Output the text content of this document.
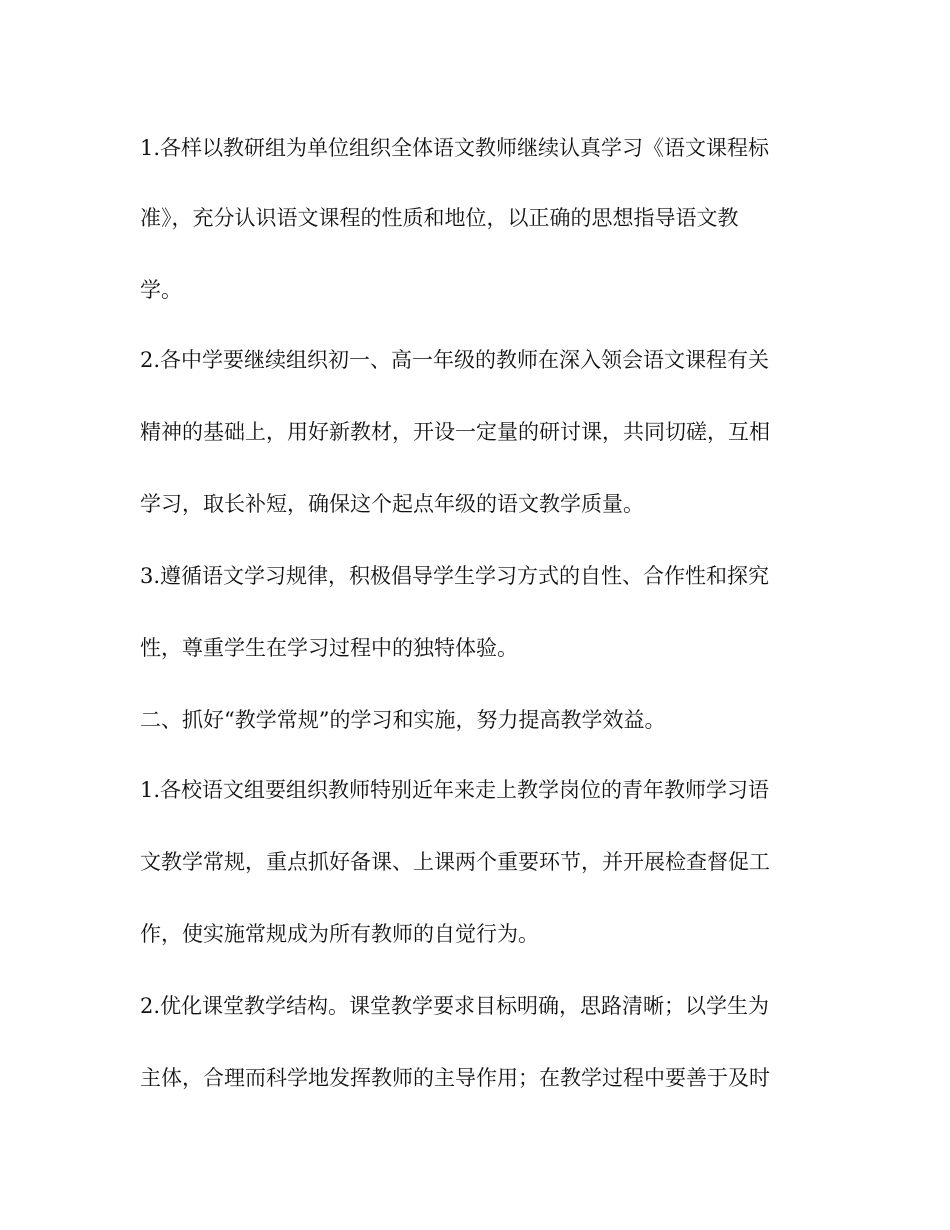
1.各样以教研组为单位组织全体语文教师继续认真学习《语文课程标

准》，充分认识语文课程的性质和地位，以正确的思想指导语文教

学。

2.各中学要继续组织初一、高一年级的教师在深入领会语文课程有关

精神的基础上，用好新教材，开设一定量的研讨课，共同切磋，互相

学习，取长补短，确保这个起点年级的语文教学质量。

3.遵循语文学习规律，积极倡导学生学习方式的自性、合作性和探究

性，尊重学生在学习过程中的独特体验。

二、抓好“教学常规”的学习和实施，努力提高教学效益。

1.各校语文组要组织教师特别近年来走上教学岗位的青年教师学习语

文教学常规，重点抓好备课、上课两个重要环节，并开展检查督促工

作，使实施常规成为所有教师的自觉行为。

2.优化课堂教学结构。课堂教学要求目标明确，思路清晰；以学生为

主体，合理而科学地发挥教师的主导作用；在教学过程中要善于及时
